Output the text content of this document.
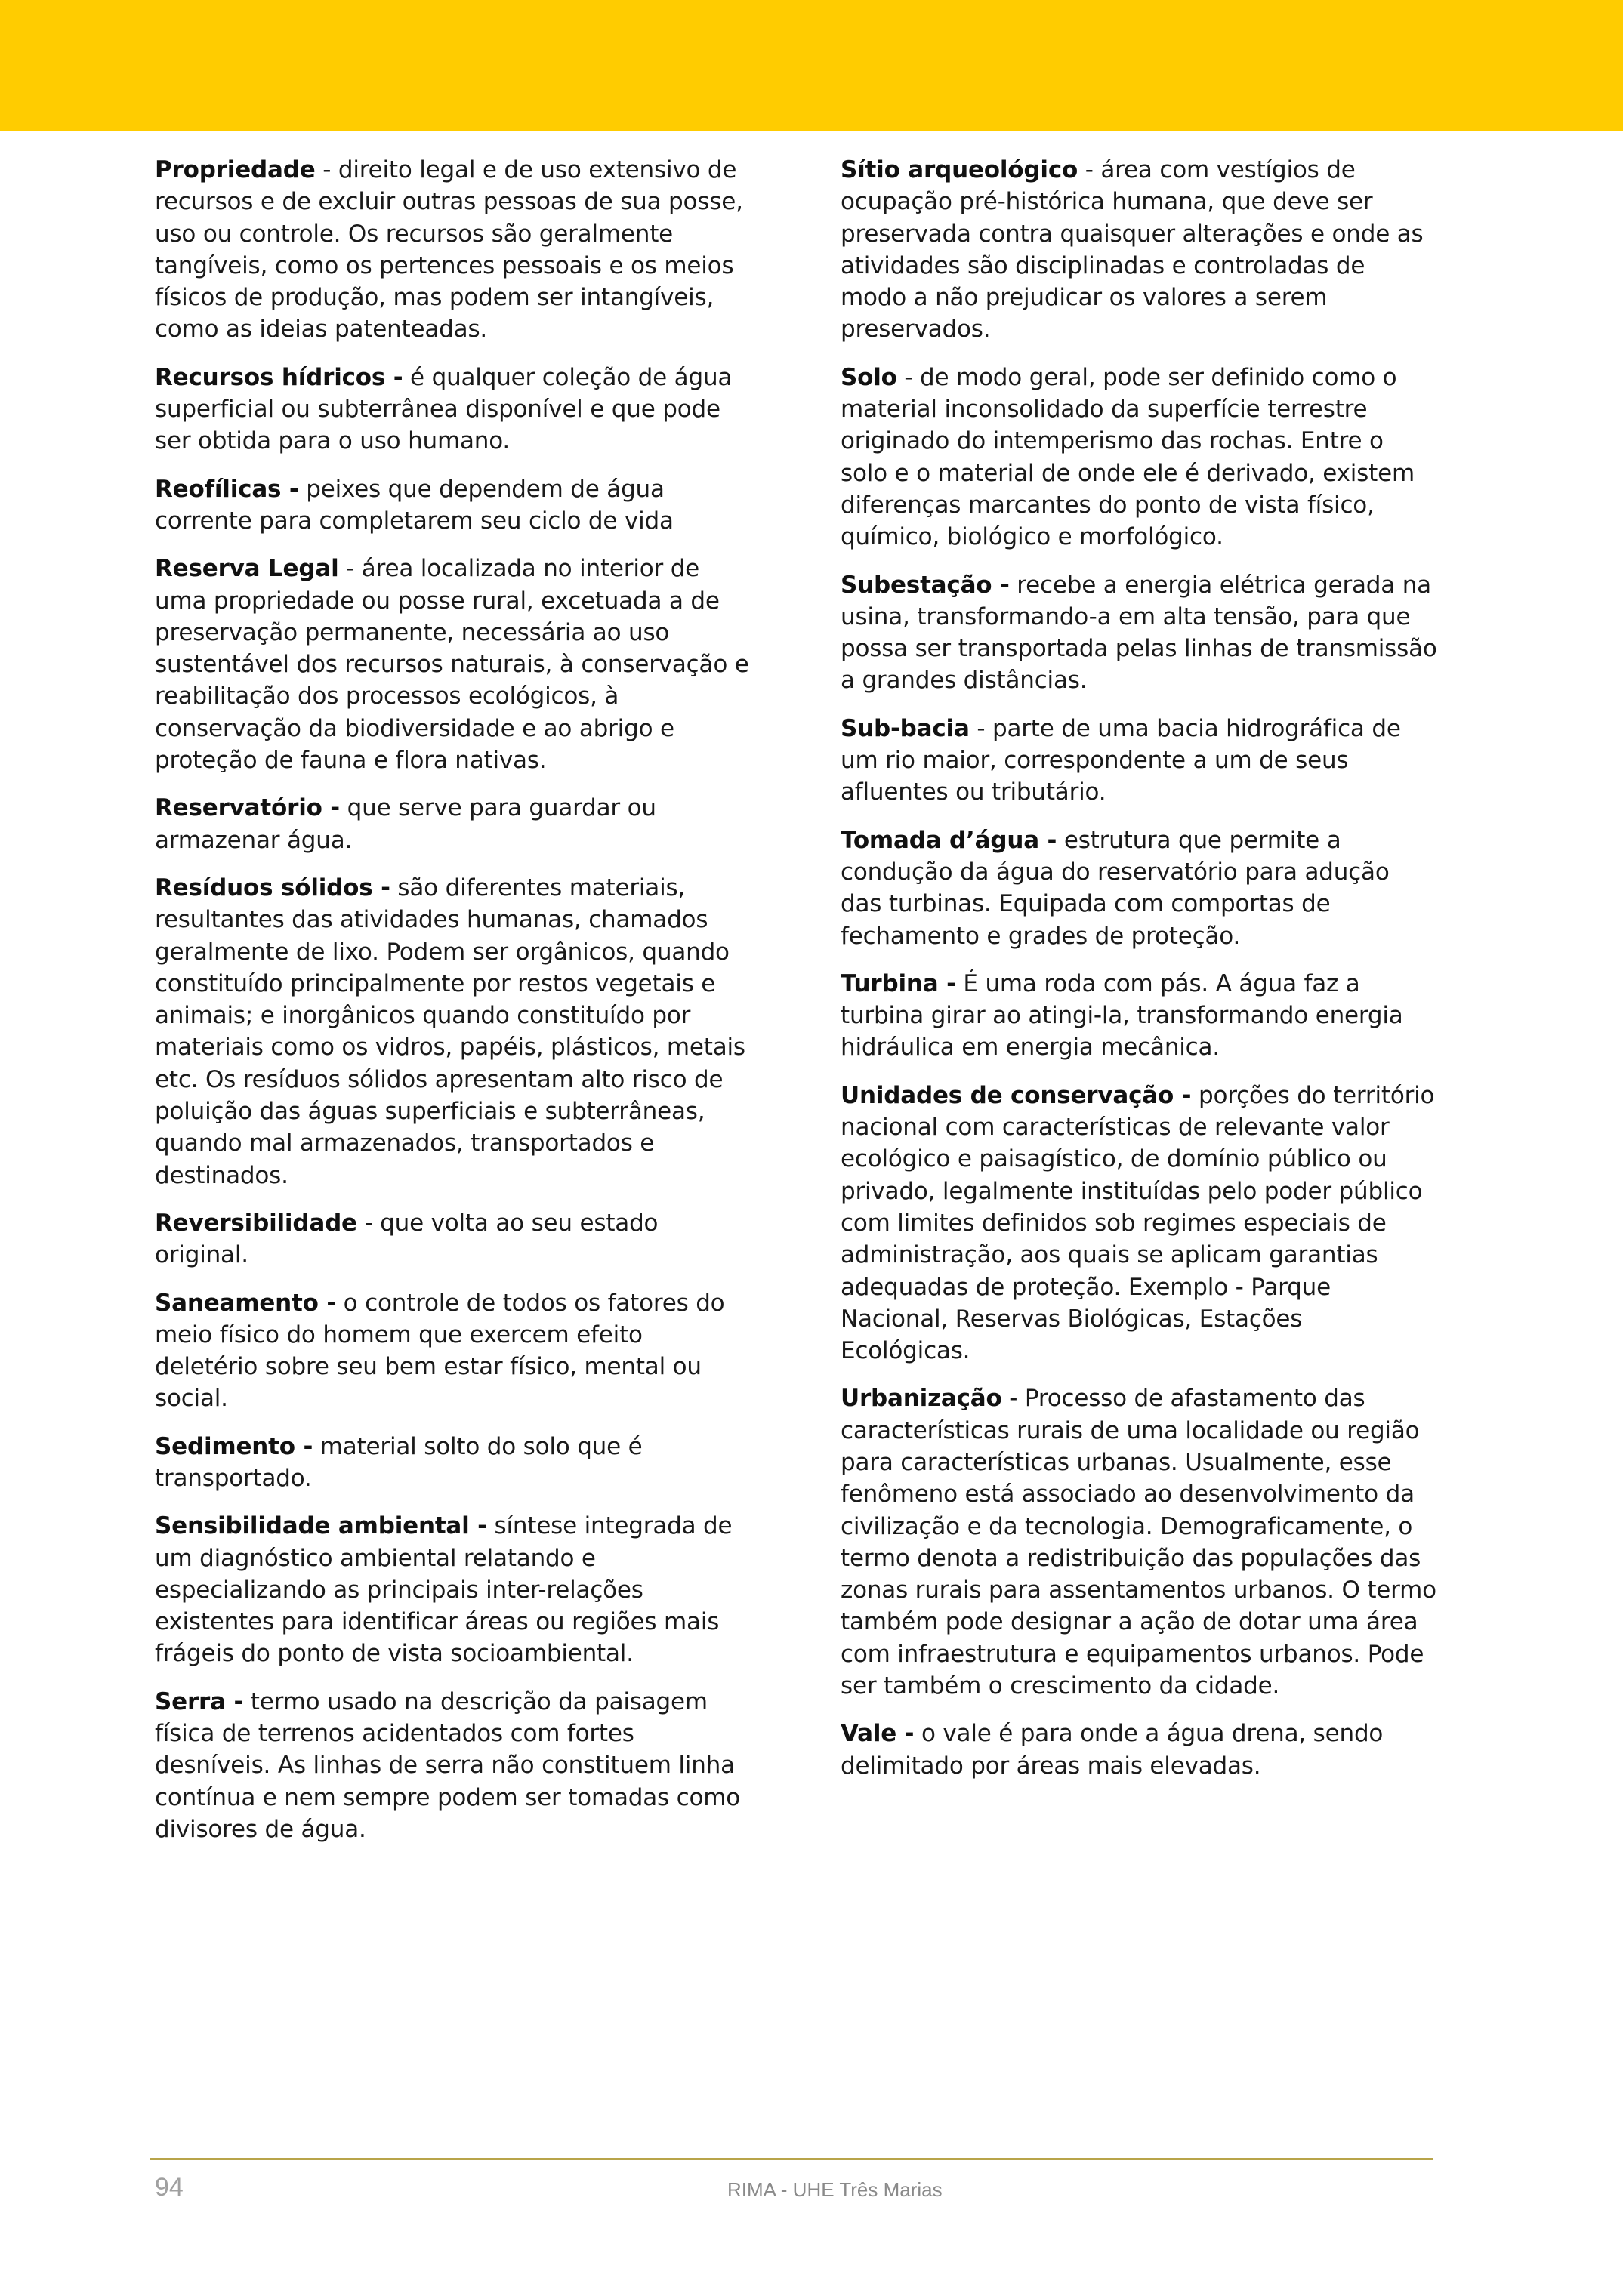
Propriedade - direito legal e de uso extensivo de recursos e de excluir outras pessoas de sua posse, uso ou controle. Os recursos são geralmente tangíveis, como os pertences pessoais e os meios físicos de produção, mas podem ser intangíveis, como as ideias patenteadas.

Recursos hídricos - é qualquer coleção de água superficial ou subterrânea disponível e que pode ser obtida para o uso humano.

Reofílicas - peixes que dependem de água corrente para completarem seu ciclo de vida

Reserva Legal - área localizada no interior de uma propriedade ou posse rural, excetuada a de preservação permanente, necessária ao uso sustentável dos recursos naturais, à conservação e reabilitação dos processos ecológicos, à conservação da biodiversidade e ao abrigo e proteção de fauna e flora nativas.

Reservatório - que serve para guardar ou armazenar água.

Resíduos sólidos - são diferentes materiais, resultantes das atividades humanas, chamados geralmente de lixo. Podem ser orgânicos, quando constituído principalmente por restos vegetais e animais; e inorgânicos quando constituído por materiais como os vidros, papéis, plásticos, metais etc. Os resíduos sólidos apresentam alto risco de poluição das águas superficiais e subterrâneas, quando mal armazenados, transportados e destinados.

Reversibilidade - que volta ao seu estado original.

Saneamento - o controle de todos os fatores do meio físico do homem que exercem efeito deletério sobre seu bem estar físico, mental ou social.

Sedimento - material solto do solo que é transportado.

Sensibilidade ambiental - síntese integrada de um diagnóstico ambiental relatando e especializando as principais inter-relações existentes para identificar áreas ou regiões mais frágeis do ponto de vista socioambiental.

Serra - termo usado na descrição da paisagem física de terrenos acidentados com fortes desníveis. As linhas de serra não constituem linha contínua e nem sempre podem ser tomadas como divisores de água.

Sítio arqueológico - área com vestígios de ocupação pré-histórica humana, que deve ser preservada contra quaisquer alterações e onde as atividades são disciplinadas e controladas de modo a não prejudicar os valores a serem preservados.

Solo - de modo geral, pode ser definido como o material inconsolidado da superfície terrestre originado do intemperismo das rochas. Entre o solo e o material de onde ele é derivado, existem diferenças marcantes do ponto de vista físico, químico, biológico e morfológico.

Subestação - recebe a energia elétrica gerada na usina, transformando-a em alta tensão, para que possa ser transportada pelas linhas de transmissão a grandes distâncias.

Sub-bacia - parte de uma bacia hidrográfica de um rio maior, correspondente a um de seus afluentes ou tributário.

Tomada d’água - estrutura que permite a condução da água do reservatório para adução das turbinas. Equipada com comportas de fechamento e grades de proteção.

Turbina - É uma roda com pás. A água faz a turbina girar ao atingi-la, transformando energia hidráulica em energia mecânica.

Unidades de conservação - porções do território nacional com características de relevante valor ecológico e paisagístico, de domínio público ou privado, legalmente instituídas pelo poder público com limites definidos sob regimes especiais de administração, aos quais se aplicam garantias adequadas de proteção. Exemplo - Parque Nacional, Reservas Biológicas, Estações Ecológicas.

Urbanização - Processo de afastamento das características rurais de uma localidade ou região para características urbanas. Usualmente, esse fenômeno está associado ao desenvolvimento da civilização e da tecnologia. Demograficamente, o termo denota a redistribuição das populações das zonas rurais para assentamentos urbanos. O termo também pode designar a ação de dotar uma área com infraestrutura e equipamentos urbanos. Pode ser também o crescimento da cidade.

Vale - o vale é para onde a água drena, sendo delimitado por áreas mais elevadas.

94	RIMA - UHE Três Marias
